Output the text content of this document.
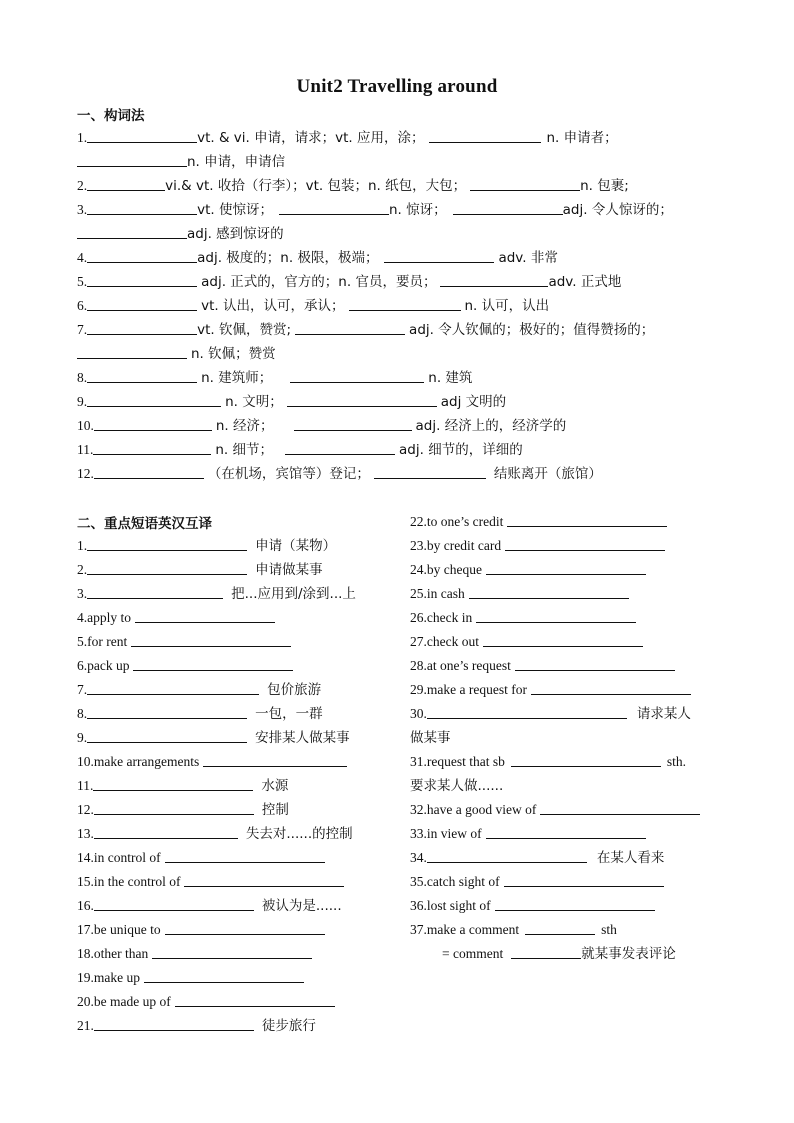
Unit2 Travelling around
一、构词法
1.	vt. & vi. 申请，请求；vt. 应用，涂；	n. 申请者；
n. 申请，申请信
2.	vi.& vt. 收拾（行李）；vt. 包装；n. 纸包，大包；	n. 包裹;
3.	vt. 使惊讶；	n. 惊讶；	adj. 令人惊讶的；
adj. 感到惊讶的
4.	adj. 极度的；n. 极限，极端；	adv. 非常
5.	adj. 正式的，官方的；n. 官员，要员；	adv. 正式地
6.	vt. 认出，认可，承认；	n. 认可，认出
7.	vt. 钦佩，赞赏;	adj. 令人钦佩的；极好的；值得赞扬的；
n. 钦佩；赞赏
8.	n. 建筑师；	n. 建筑
9.	n. 文明；	adj 文明的
10.	n. 经济；	adj. 经济上的，经济学的
11.	n. 细节；	adj. 细节的，详细的
12.	（在机场，宾馆等）登记；	结账离开（旅馆）
二、重点短语英汉互译
1.	申请（某物）
2.	申请做某事
3.	把...应用到/涂到...上
4.apply to
5.for rent
6.pack up
7.	包价旅游
8.	一包，一群
9.	安排某人做某事
10.make arrangements
11.	水源
12.	控制
13.	失去对......的控制
14.in control of
15.in the control of
16.	被认为是......
17.be unique to
18.other than
19.make up
20.be made up of
21.	徒步旅行
22.to one’s credit
23.by credit card
24.by cheque
25.in cash
26.check in
27.check out
28.at one’s request
29.make a request for
30.	请求某人
做某事
31.request that sb	sth.
要求某人做......
32.have a good view of
33.in view of
34.	在某人看来
35.catch sight of
36.lost sight of
37.make a comment	sth
= comment	就某事发表评论
